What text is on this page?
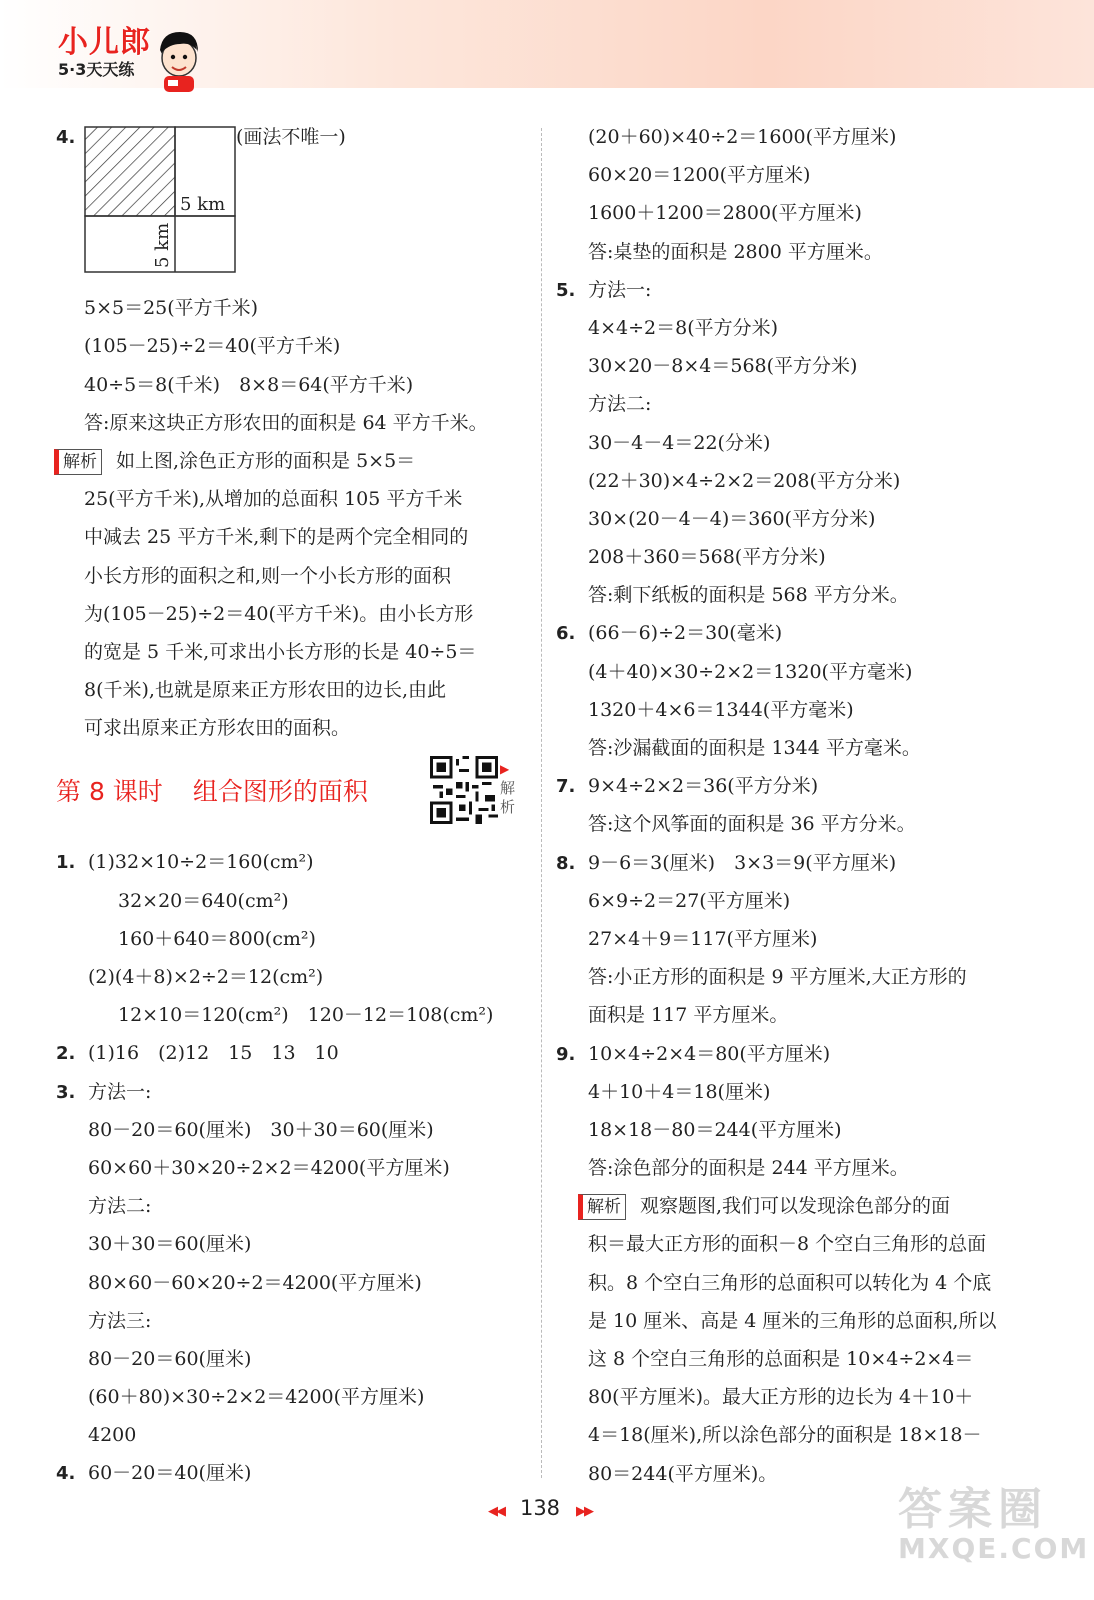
小儿郎
5·3天天练
(画法不唯一)
5 km
5 km
4.
5×5＝25(平方千米)
(105－25)÷2＝40(平方千米)
40÷5＝8(千米)　8×8＝64(平方千米)
答:原来这块正方形农田的面积是 64 平方千米。
解析 如上图,涂色正方形的面积是 5×5＝
25(平方千米),从增加的总面积 105 平方千米
中减去 25 平方千米,剩下的是两个完全相同的
小长方形的面积之和,则一个小长方形的面积
为(105－25)÷2＝40(平方千米)。由小长方形
的宽是 5 千米,可求出小长方形的长是 40÷5＝
8(千米),也就是原来正方形农田的边长,由此
可求出原来正方形农田的面积。
1. (1)32×10÷2＝160(cm²)
32×20＝640(cm²)
160＋640＝800(cm²)
(2)(4＋8)×2÷2＝12(cm²)
12×10＝120(cm²)　120－12＝108(cm²)
2. (1)16　(2)12　15　13　10
3. 方法一:
80－20＝60(厘米)　30＋30＝60(厘米)
60×60＋30×20÷2×2＝4200(平方厘米)
方法二:
30＋30＝60(厘米)
80×60－60×20÷2＝4200(平方厘米)
方法三:
80－20＝60(厘米)
(60＋80)×30÷2×2＝4200(平方厘米)
4200
4. 60－20＝40(厘米)
第 8 课时 组合图形的面积
▶
解析
(20＋60)×40÷2＝1600(平方厘米)
60×20＝1200(平方厘米)
1600＋1200＝2800(平方厘米)
答:桌垫的面积是 2800 平方厘米。
5. 方法一:
4×4÷2＝8(平方分米)
30×20－8×4＝568(平方分米)
方法二:
30－4－4＝22(分米)
(22＋30)×4÷2×2＝208(平方分米)
30×(20－4－4)＝360(平方分米)
208＋360＝568(平方分米)
答:剩下纸板的面积是 568 平方分米。
6. (66－6)÷2＝30(毫米)
(4＋40)×30÷2×2＝1320(平方毫米)
1320＋4×6＝1344(平方毫米)
答:沙漏截面的面积是 1344 平方毫米。
7. 9×4÷2×2＝36(平方分米)
答:这个风筝面的面积是 36 平方分米。
8. 9－6＝3(厘米)　3×3＝9(平方厘米)
6×9÷2＝27(平方厘米)
27×4＋9＝117(平方厘米)
答:小正方形的面积是 9 平方厘米,大正方形的
面积是 117 平方厘米。
9. 10×4÷2×4＝80(平方厘米)
4＋10＋4＝18(厘米)
18×18－80＝244(平方厘米)
答:涂色部分的面积是 244 平方厘米。
解析 观察题图,我们可以发现涂色部分的面
积＝最大正方形的面积－8 个空白三角形的总面
积。8 个空白三角形的总面积可以转化为 4 个底
是 10 厘米、高是 4 厘米的三角形的总面积,所以
这 8 个空白三角形的总面积是 10×4÷2×4＝
80(平方厘米)。最大正方形的边长为 4＋10＋
4＝18(厘米),所以涂色部分的面积是 18×18－
80＝244(平方厘米)。
◀◀ 138 ▶▶	答案圈
MXQE.COM
